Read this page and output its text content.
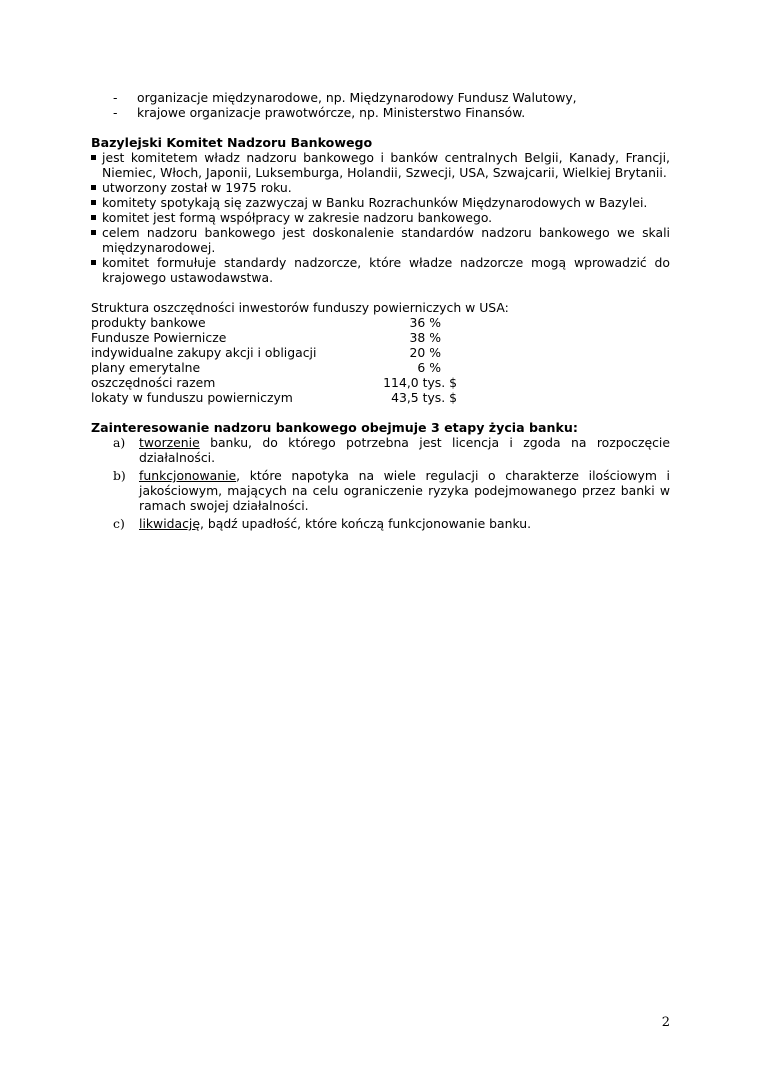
- organizacje międzynarodowe, np. Międzynarodowy Fundusz Walutowy,
- krajowe organizacje prawotwórcze, np. Ministerstwo Finansów.
Bazylejski Komitet Nadzoru Bankowego
jest komitetem władz nadzoru bankowego i banków centralnych Belgii, Kanady, Francji, Niemiec, Włoch, Japonii, Luksemburga, Holandii, Szwecji, USA, Szwajcarii, Wielkiej Brytanii.
utworzony został w 1975 roku.
komitety spotykają się zazwyczaj w Banku Rozrachunków Międzynarodowych w Bazylei.
komitet jest formą współpracy w zakresie nadzoru bankowego.
celem nadzoru bankowego jest doskonalenie standardów nadzoru bankowego we skali międzynarodowej.
komitet formułuje standardy nadzorcze, które władze nadzorcze mogą wprowadzić do krajowego ustawodawstwa.

Struktura oszczędności inwestorów funduszy powierniczych w USA:

produkty bankowe	36 %
Fundusze Powiernicze	38 %
indywidualne zakupy akcji i obligacji	20 %
plany emerytalne	6 %
oszczędności razem	114,0 tys. $
lokaty w funduszu powierniczym	43,5 tys. $
Zainteresowanie nadzoru bankowego obejmuje 3 etapy życia banku:
a) tworzenie banku, do którego potrzebna jest licencja i zgoda na rozpoczęcie działalności.
b) funkcjonowanie, które napotyka na wiele regulacji o charakterze ilościowym i jakościowym, mających na celu ograniczenie ryzyka podejmowanego przez banki w ramach swojej działalności.
c) likwidację, bądź upadłość, które kończą funkcjonowanie banku.
2
